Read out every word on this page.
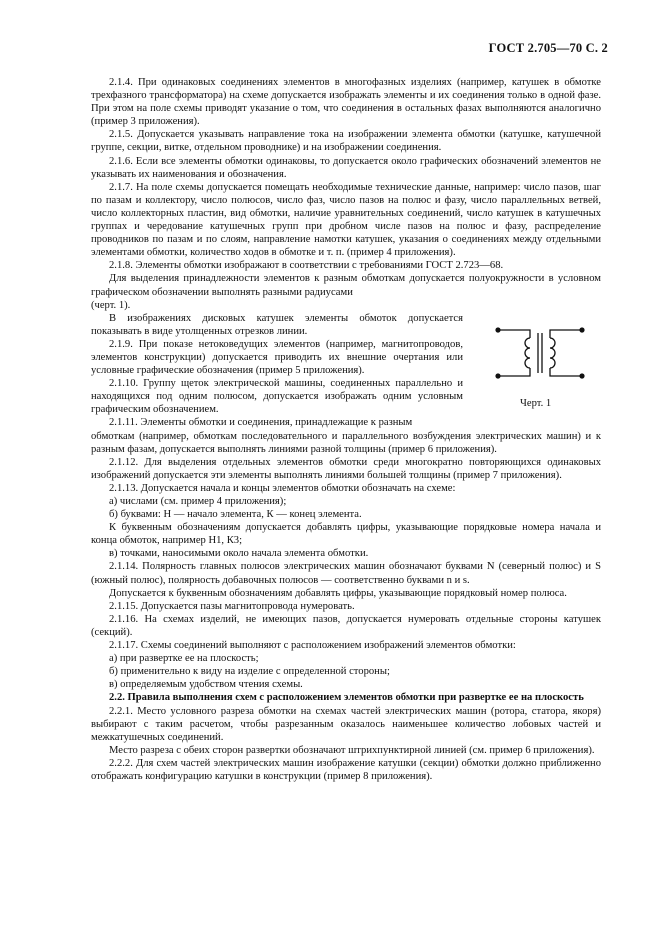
ГОСТ 2.705—70 С. 2

2.1.4. При одинаковых соединениях элементов в многофазных изделиях (например, катушек в обмотке трехфазного трансформатора) на схеме допускается изображать элементы и их соединения только в одной фазе. При этом на поле схемы приводят указание о том, что соединения в остальных фазах выполняются аналогично (пример 3 приложения).

2.1.5. Допускается указывать направление тока на изображении элемента обмотки (катушке, катушечной группе, секции, витке, отдельном проводнике) и на изображении соединения.

2.1.6. Если все элементы обмотки одинаковы, то допускается около графических обозначений элементов не указывать их наименования и обозначения.

2.1.7. На поле схемы допускается помещать необходимые технические данные, например: число пазов, шаг по пазам и коллектору, число полюсов, число фаз, число пазов на полюс и фазу, число параллельных ветвей, число коллекторных пластин, вид обмотки, наличие уравнительных соединений, число катушек в катушечных группах и чередование катушечных групп при дробном числе пазов на полюс и фазу, распределение проводников по пазам и по слоям, направление намотки катушек, указания о соединениях между отдельными элементами обмотки, количество ходов в обмотке и т. п. (пример 4 приложения).

2.1.8. Элементы обмотки изображают в соответствии с требованиями ГОСТ 2.723—68.

Для выделения принадлежности элементов к разным обмоткам допускается полуокружности в условном графическом обозначении выполнять разными радиусами

(черт. 1).

В изображениях дисковых катушек элементы обмоток допускается показывать в виде утолщенных отрезков линии.

2.1.9. При показе нетоковедущих элементов (например, магнитопроводов, элементов конструкции) допускается приводить их внешние очертания или условные графические обозначения (пример 5 приложения).

2.1.10. Группу щеток электрической машины, соединенных параллельно и находящихся под одним полюсом, допускается изображать одним условным графическим обозначением.

2.1.11. Элементы обмотки и соединения, принадлежащие к разным

обмоткам (например, обмоткам последовательного и параллельного возбуждения электрических машин) и к разным фазам, допускается выполнять линиями разной толщины (пример 6 приложения).

2.1.12. Для выделения отдельных элементов обмотки среди многократно повторяющихся одинаковых изображений допускается эти элементы выполнять линиями большей толщины (пример 7 приложения).

2.1.13. Допускается начала и концы элементов обмотки обозначать на схеме:

а) числами (см. пример 4 приложения);

б) буквами: Н — начало элемента, К — конец элемента.

К буквенным обозначениям допускается добавлять цифры, указывающие порядковые номера начала и конца обмоток, например Н1, К3;

в) точками, наносимыми около начала элемента обмотки.

2.1.14. Полярность главных полюсов электрических машин обозначают буквами N (северный полюс) и S (южный полюс), полярность добавочных полюсов — соответственно буквами n и s.

Допускается к буквенным обозначениям добавлять цифры, указывающие порядковый номер полюса.

2.1.15. Допускается пазы магнитопровода нумеровать.

2.1.16. На схемах изделий, не имеющих пазов, допускается нумеровать отдельные стороны катушек (секций).

2.1.17. Схемы соединений выполняют с расположением изображений элементов обмотки:

а) при развертке ее на плоскость;

б) применительно к виду на изделие с определенной стороны;

в) определяемым удобством чтения схемы.

2.2. Правила выполнения схем с расположением элементов обмотки при развертке ее на плоскость

2.2.1. Место условного разреза обмотки на схемах частей электрических машин (ротора, статора, якоря) выбирают с таким расчетом, чтобы разрезанным оказалось наименьшее количество лобовых частей и межкатушечных соединений.

Место разреза с обеих сторон развертки обозначают штрихпунктирной линией (см. пример 6 приложения).

2.2.2. Для схем частей электрических машин изображение катушки (секции) обмотки должно приближенно отображать конфигурацию катушки в конструкции (пример 8 приложения).

Черт. 1
